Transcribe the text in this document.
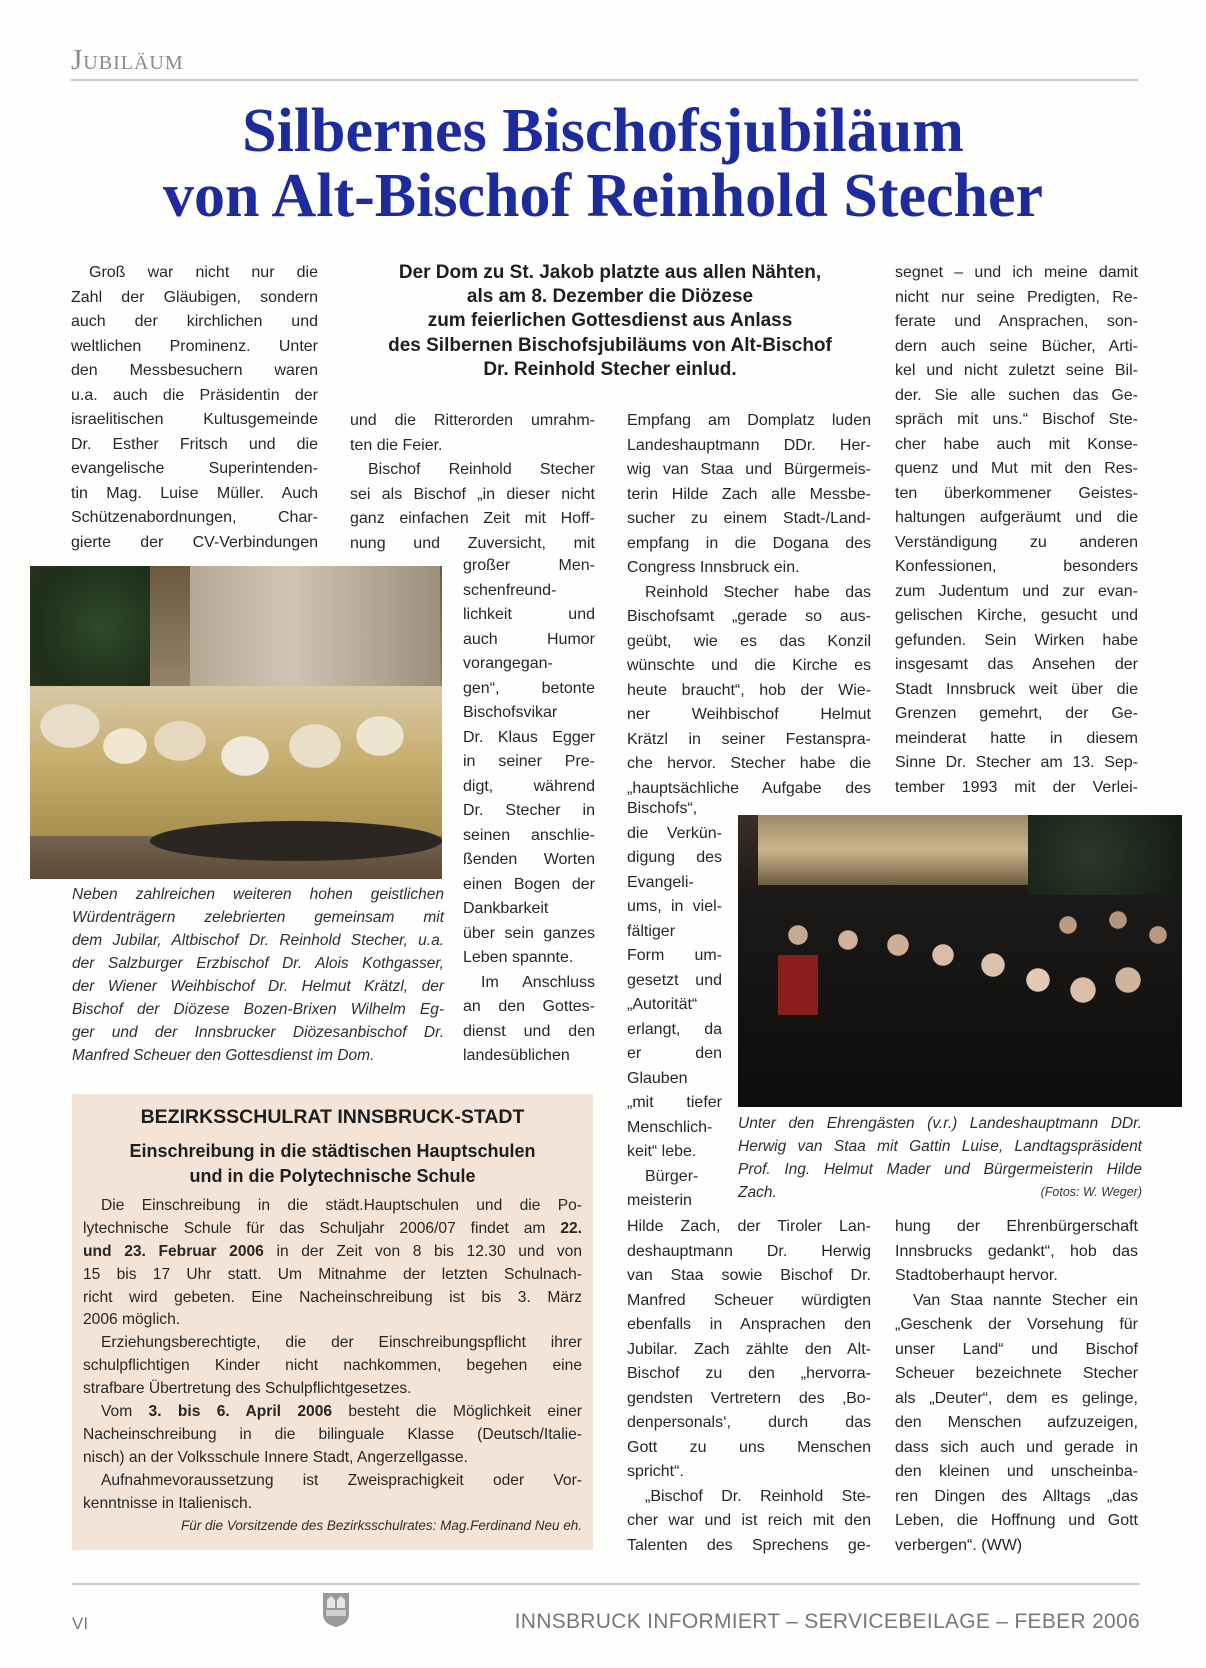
Jubiläum
Silbernes Bischofsjubiläum
von Alt-Bischof Reinhold Stecher
Der Dom zu St. Jakob platzte aus allen Nähten,
als am 8. Dezember die Diözese
zum feierlichen Gottesdienst aus Anlass
des Silbernen Bischofsjubiläums von Alt-Bischof
Dr. Reinhold Stecher einlud.
Groß war nicht nur die
Zahl der Gläubigen, sondern
auch der kirchlichen und
weltlichen Prominenz. Unter
den Messbesuchern waren
u.a. auch die Präsidentin der
israelitischen Kultusgemeinde
Dr. Esther Fritsch und die
evangelische Superintenden-
tin Mag. Luise Müller. Auch
Schützenabordnungen, Char-
gierte der CV-Verbindungen
und die Ritterorden umrahm-
ten die Feier.
Bischof Reinhold Stecher
sei als Bischof „in dieser nicht
ganz einfachen Zeit mit Hoff-
nung und Zuversicht, mit
großer Men-
schenfreund-
lichkeit und
auch Humor
vorangegan-
gen“, betonte
Bischofsvikar
Dr. Klaus Egger
in seiner Pre-
digt, während
Dr. Stecher in
seinen anschlie-
ßenden Worten
einen Bogen der
Dankbarkeit
über sein ganzes
Leben spannte.
Im Anschluss
an den Gottes-
dienst und den
landesüblichen
Empfang am Domplatz luden
Landeshauptmann DDr. Her-
wig van Staa und Bürgermeis-
terin Hilde Zach alle Messbe-
sucher zu einem Stadt-/Land-
empfang in die Dogana des
Congress Innsbruck ein.
Reinhold Stecher habe das
Bischofsamt „gerade so aus-
geübt, wie es das Konzil
wünschte und die Kirche es
heute braucht“, hob der Wie-
ner Weihbischof Helmut
Krätzl in seiner Festanspra-
che hervor. Stecher habe die
„hauptsächliche Aufgabe des
Bischofs“,
die Verkün-
digung des
Evangeli-
ums, in viel-
fältiger
Form um-
gesetzt und
„Autorität“
erlangt, da
er den
Glauben
„mit tiefer
Menschlich-
keit“ lebe.
Bürger-
meisterin
Hilde Zach, der Tiroler Lan-
deshauptmann Dr. Herwig
van Staa sowie Bischof Dr.
Manfred Scheuer würdigten
ebenfalls in Ansprachen den
Jubilar. Zach zählte den Alt-
Bischof zu den „hervorra-
gendsten Vertretern des ‚Bo-
denpersonals‘, durch das
Gott zu uns Menschen
spricht“.
„Bischof Dr. Reinhold Ste-
cher war und ist reich mit den
Talenten des Sprechens ge-
segnet – und ich meine damit
nicht nur seine Predigten, Re-
ferate und Ansprachen, son-
dern auch seine Bücher, Arti-
kel und nicht zuletzt seine Bil-
der. Sie alle suchen das Ge-
spräch mit uns.“ Bischof Ste-
cher habe auch mit Konse-
quenz und Mut mit den Res-
ten überkommener Geistes-
haltungen aufgeräumt und die
Verständigung zu anderen
Konfessionen, besonders
zum Judentum und zur evan-
gelischen Kirche, gesucht und
gefunden. Sein Wirken habe
insgesamt das Ansehen der
Stadt Innsbruck weit über die
Grenzen gemehrt, der Ge-
meinderat hatte in diesem
Sinne Dr. Stecher am 13. Sep-
tember 1993 mit der Verlei-
hung der Ehrenbürgerschaft
Innsbrucks gedankt“, hob das
Stadtoberhaupt hervor.
Van Staa nannte Stecher ein
„Geschenk der Vorsehung für
unser Land“ und Bischof
Scheuer bezeichnete Stecher
als „Deuter“, dem es gelinge,
den Menschen aufzuzeigen,
dass sich auch und gerade in
den kleinen und unscheinba-
ren Dingen des Alltags „das
Leben, die Hoffnung und Gott
verbergen“. (WW)
Neben zahlreichen weiteren hohen geistlichen
Würdenträgern zelebrierten gemeinsam mit
dem Jubilar, Altbischof Dr. Reinhold Stecher, u.a.
der Salzburger Erzbischof Dr. Alois Kothgasser,
der Wiener Weihbischof Dr. Helmut Krätzl, der
Bischof der Diözese Bozen-Brixen Wilhelm Eg-
ger und der Innsbrucker Diözesanbischof Dr.
Manfred Scheuer den Gottesdienst im Dom.
Unter den Ehrengästen (v.r.) Landeshauptmann DDr.
Herwig van Staa mit Gattin Luise, Landtagspräsident
Prof. Ing. Helmut Mader und Bürgermeisterin Hilde
Zach.	(Fotos: W. Weger)
BEZIRKSSCHULRAT INNSBRUCK-STADT
Einschreibung in die städtischen Hauptschulen
und in die Polytechnische Schule
Die Einschreibung in die städt.Hauptschulen und die Po-
lytechnische Schule für das Schuljahr 2006/07 findet am 22.
und 23. Februar 2006 in der Zeit von 8 bis 12.30 und von
15 bis 17 Uhr statt. Um Mitnahme der letzten Schulnach-
richt wird gebeten. Eine Nacheinschreibung ist bis 3. März
2006 möglich.
Erziehungsberechtigte, die der Einschreibungspflicht ihrer
schulpflichtigen Kinder nicht nachkommen, begehen eine
strafbare Übertretung des Schulpflichtgesetzes.
Vom 3. bis 6. April 2006 besteht die Möglichkeit einer
Nacheinschreibung in die bilinguale Klasse (Deutsch/Italie-
nisch) an der Volksschule Innere Stadt, Angerzellgasse.
Aufnahmevoraussetzung ist Zweisprachigkeit oder Vor-
kenntnisse in Italienisch.
Für die Vorsitzende des Bezirksschulrates: Mag.Ferdinand Neu eh.
VI	INNSBRUCK INFORMIERT – SERVICEBEILAGE – FEBER 2006
